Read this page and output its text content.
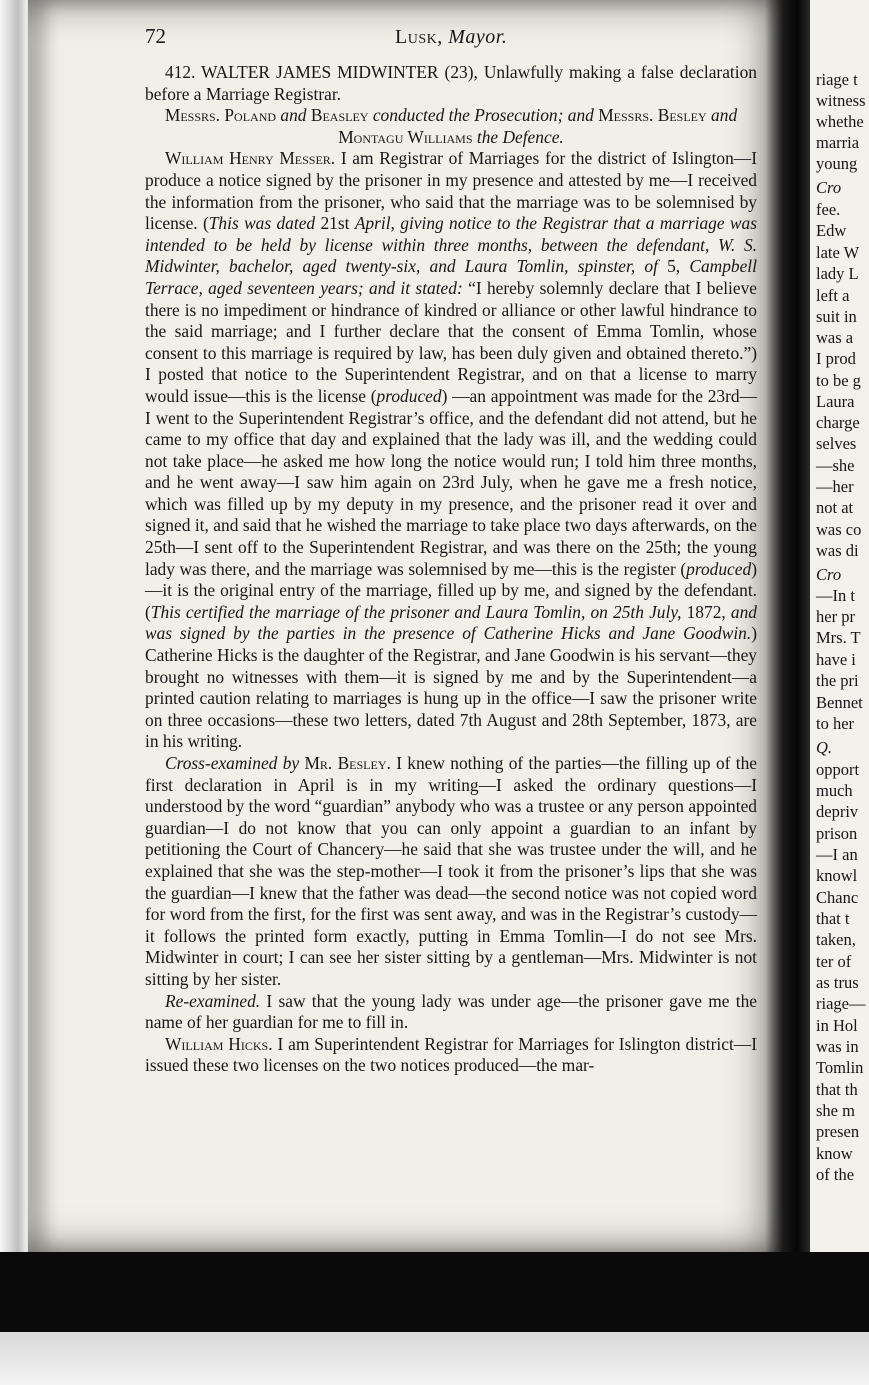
72	Lusk, Mayor.

412. WALTER JAMES MIDWINTER (23), Unlawfully making a false declaration before a Marriage Registrar.

Messrs. Poland and Beasley conducted the Prosecution; and Messrs. Besley and Montagu Williams the Defence.

William Henry Messer. I am Registrar of Marriages for the district of Islington—I produce a notice signed by the prisoner in my presence and attested by me—I received the information from the prisoner, who said that the marriage was to be solemnised by license. (This was dated 21st April, giving notice to the Registrar that a marriage was intended to be held by license within three months, between the defendant, W. S. Midwinter, bachelor, aged twenty-six, and Laura Tomlin, spinster, of 5, Campbell Terrace, aged seventeen years; and it stated: “I hereby solemnly declare that I believe there is no impediment or hindrance of kindred or alliance or other lawful hindrance to the said marriage; and I further declare that the consent of Emma Tomlin, whose consent to this marriage is required by law, has been duly given and obtained thereto.”) I posted that notice to the Superintendent Registrar, and on that a license to marry would issue—this is the license (produced) —an appointment was made for the 23rd—I went to the Superintendent Registrar’s office, and the defendant did not attend, but he came to my office that day and explained that the lady was ill, and the wedding could not take place—he asked me how long the notice would run; I told him three months, and he went away—I saw him again on 23rd July, when he gave me a fresh notice, which was filled up by my deputy in my presence, and the prisoner read it over and signed it, and said that he wished the marriage to take place two days afterwards, on the 25th—I sent off to the Superintendent Registrar, and was there on the 25th; the young lady was there, and the marriage was solemnised by me—this is the register (produced)—it is the original entry of the marriage, filled up by me, and signed by the defendant. (This certified the marriage of the prisoner and Laura Tomlin, on 25th July, 1872, and was signed by the parties in the presence of Catherine Hicks and Jane Goodwin.) Catherine Hicks is the daughter of the Registrar, and Jane Goodwin is his servant—they brought no witnesses with them—it is signed by me and by the Superintendent—a printed caution relating to marriages is hung up in the office—I saw the prisoner write on three occasions—these two letters, dated 7th August and 28th September, 1873, are in his writing.

Cross-examined by Mr. Besley. I knew nothing of the parties—the filling up of the first declaration in April is in my writing—I asked the ordinary questions—I understood by the word “guardian” anybody who was a trustee or any person appointed guardian—I do not know that you can only appoint a guardian to an infant by petitioning the Court of Chancery—he said that she was trustee under the will, and he explained that she was the step-mother—I took it from the prisoner’s lips that she was the guardian—I knew that the father was dead—the second notice was not copied word for word from the first, for the first was sent away, and was in the Registrar’s custody—it follows the printed form exactly, putting in Emma Tomlin—I do not see Mrs. Midwinter in court; I can see her sister sitting by a gentleman—Mrs. Midwinter is not sitting by her sister.

Re-examined. I saw that the young lady was under age—the prisoner gave me the name of her guardian for me to fill in.

William Hicks. I am Superintendent Registrar for Marriages for Islington district—I issued these two licenses on the two notices produced—the mar-

riage t
witness
whethe
marria
young
Cro
fee.
Edw
late W
lady L
left a
suit in
was a
I prod
to be g
Laura
charge
selves
—she
—her
not at
was co
was di
Cro
—In t
her pr
Mrs. T
have i
the pri
Bennet
to her
Q.
opport
much
depriv
prison
—I an
knowl
Chanc
that t
taken,
ter of
as trus
riage—
in Hol
was in
Tomlin
that th
she m
presen
know
of the
